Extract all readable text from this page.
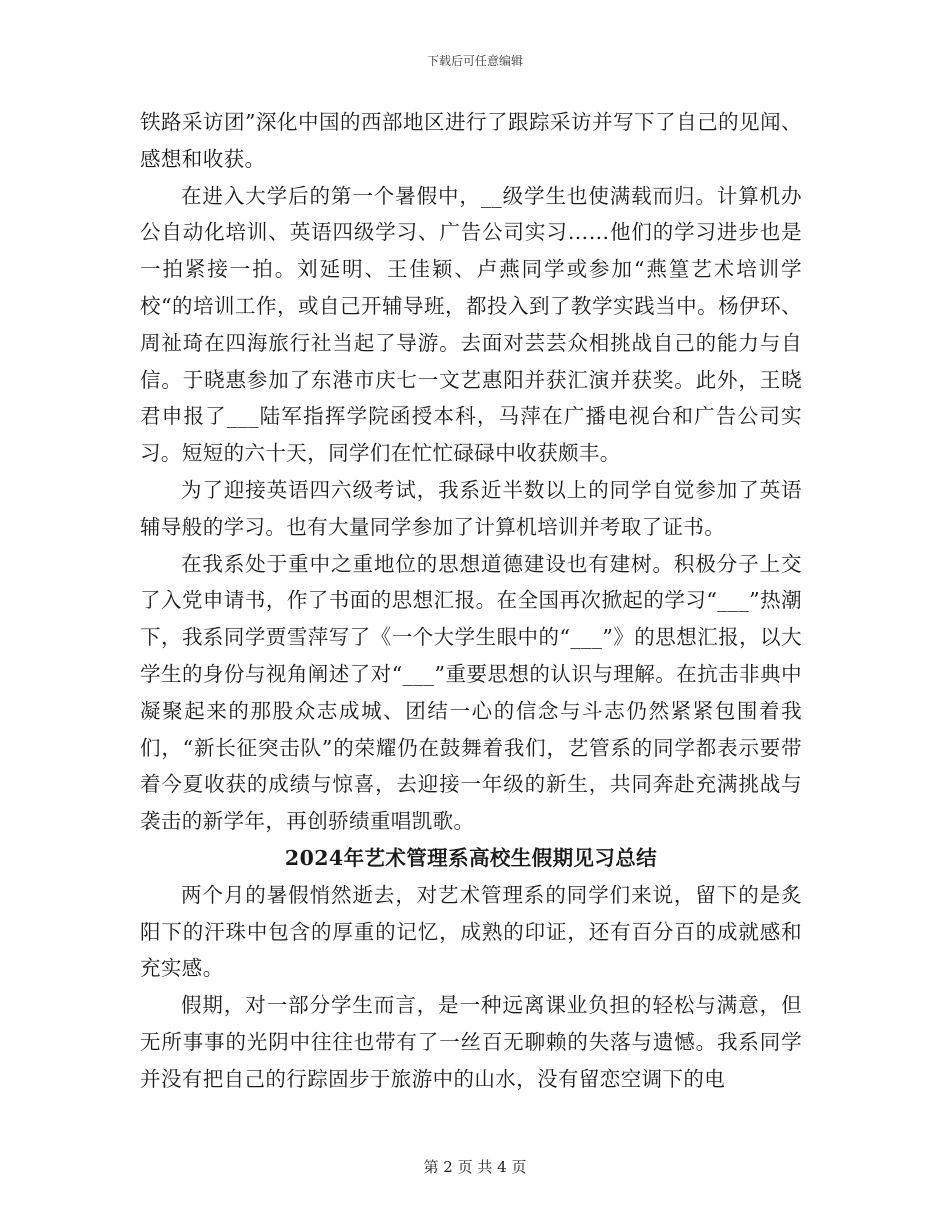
下载后可任意编辑

铁路采访团”深化中国的西部地区进行了跟踪采访并写下了自己的见闻、感想和收获。

在进入大学后的第一个暑假中，__级学生也使满载而归。计算机办公自动化培训、英语四级学习、广告公司实习……他们的学习进步也是一拍紧接一拍。刘延明、王佳颖、卢燕同学或参加“燕篁艺术培训学校“的培训工作，或自己开辅导班，都投入到了教学实践当中。杨伊环、周祉琦在四海旅行社当起了导游。去面对芸芸众相挑战自己的能力与自信。于晓惠参加了东港市庆七一文艺惠阳并获汇演并获奖。此外，王晓君申报了___陆军指挥学院函授本科，马萍在广播电视台和广告公司实习。短短的六十天，同学们在忙忙碌碌中收获颇丰。

为了迎接英语四六级考试，我系近半数以上的同学自觉参加了英语辅导般的学习。也有大量同学参加了计算机培训并考取了证书。

在我系处于重中之重地位的思想道德建设也有建树。积极分子上交了入党申请书，作了书面的思想汇报。在全国再次掀起的学习“___”热潮下，我系同学贾雪萍写了《一个大学生眼中的“___”》的思想汇报，以大学生的身份与视角阐述了对“___”重要思想的认识与理解。在抗击非典中凝聚起来的那股众志成城、团结一心的信念与斗志仍然紧紧包围着我们，“新长征突击队”的荣耀仍在鼓舞着我们，艺管系的同学都表示要带着今夏收获的成绩与惊喜，去迎接一年级的新生，共同奔赴充满挑战与袭击的新学年，再创骄绩重唱凯歌。

2024年艺术管理系高校生假期见习总结

两个月的暑假悄然逝去，对艺术管理系的同学们来说，留下的是炙阳下的汗珠中包含的厚重的记忆，成熟的印证，还有百分百的成就感和充实感。

假期，对一部分学生而言，是一种远离课业负担的轻松与满意，但无所事事的光阴中往往也带有了一丝百无聊赖的失落与遗憾。我系同学并没有把自己的行踪固步于旅游中的山水，没有留恋空调下的电

第 2 页 共 4 页
